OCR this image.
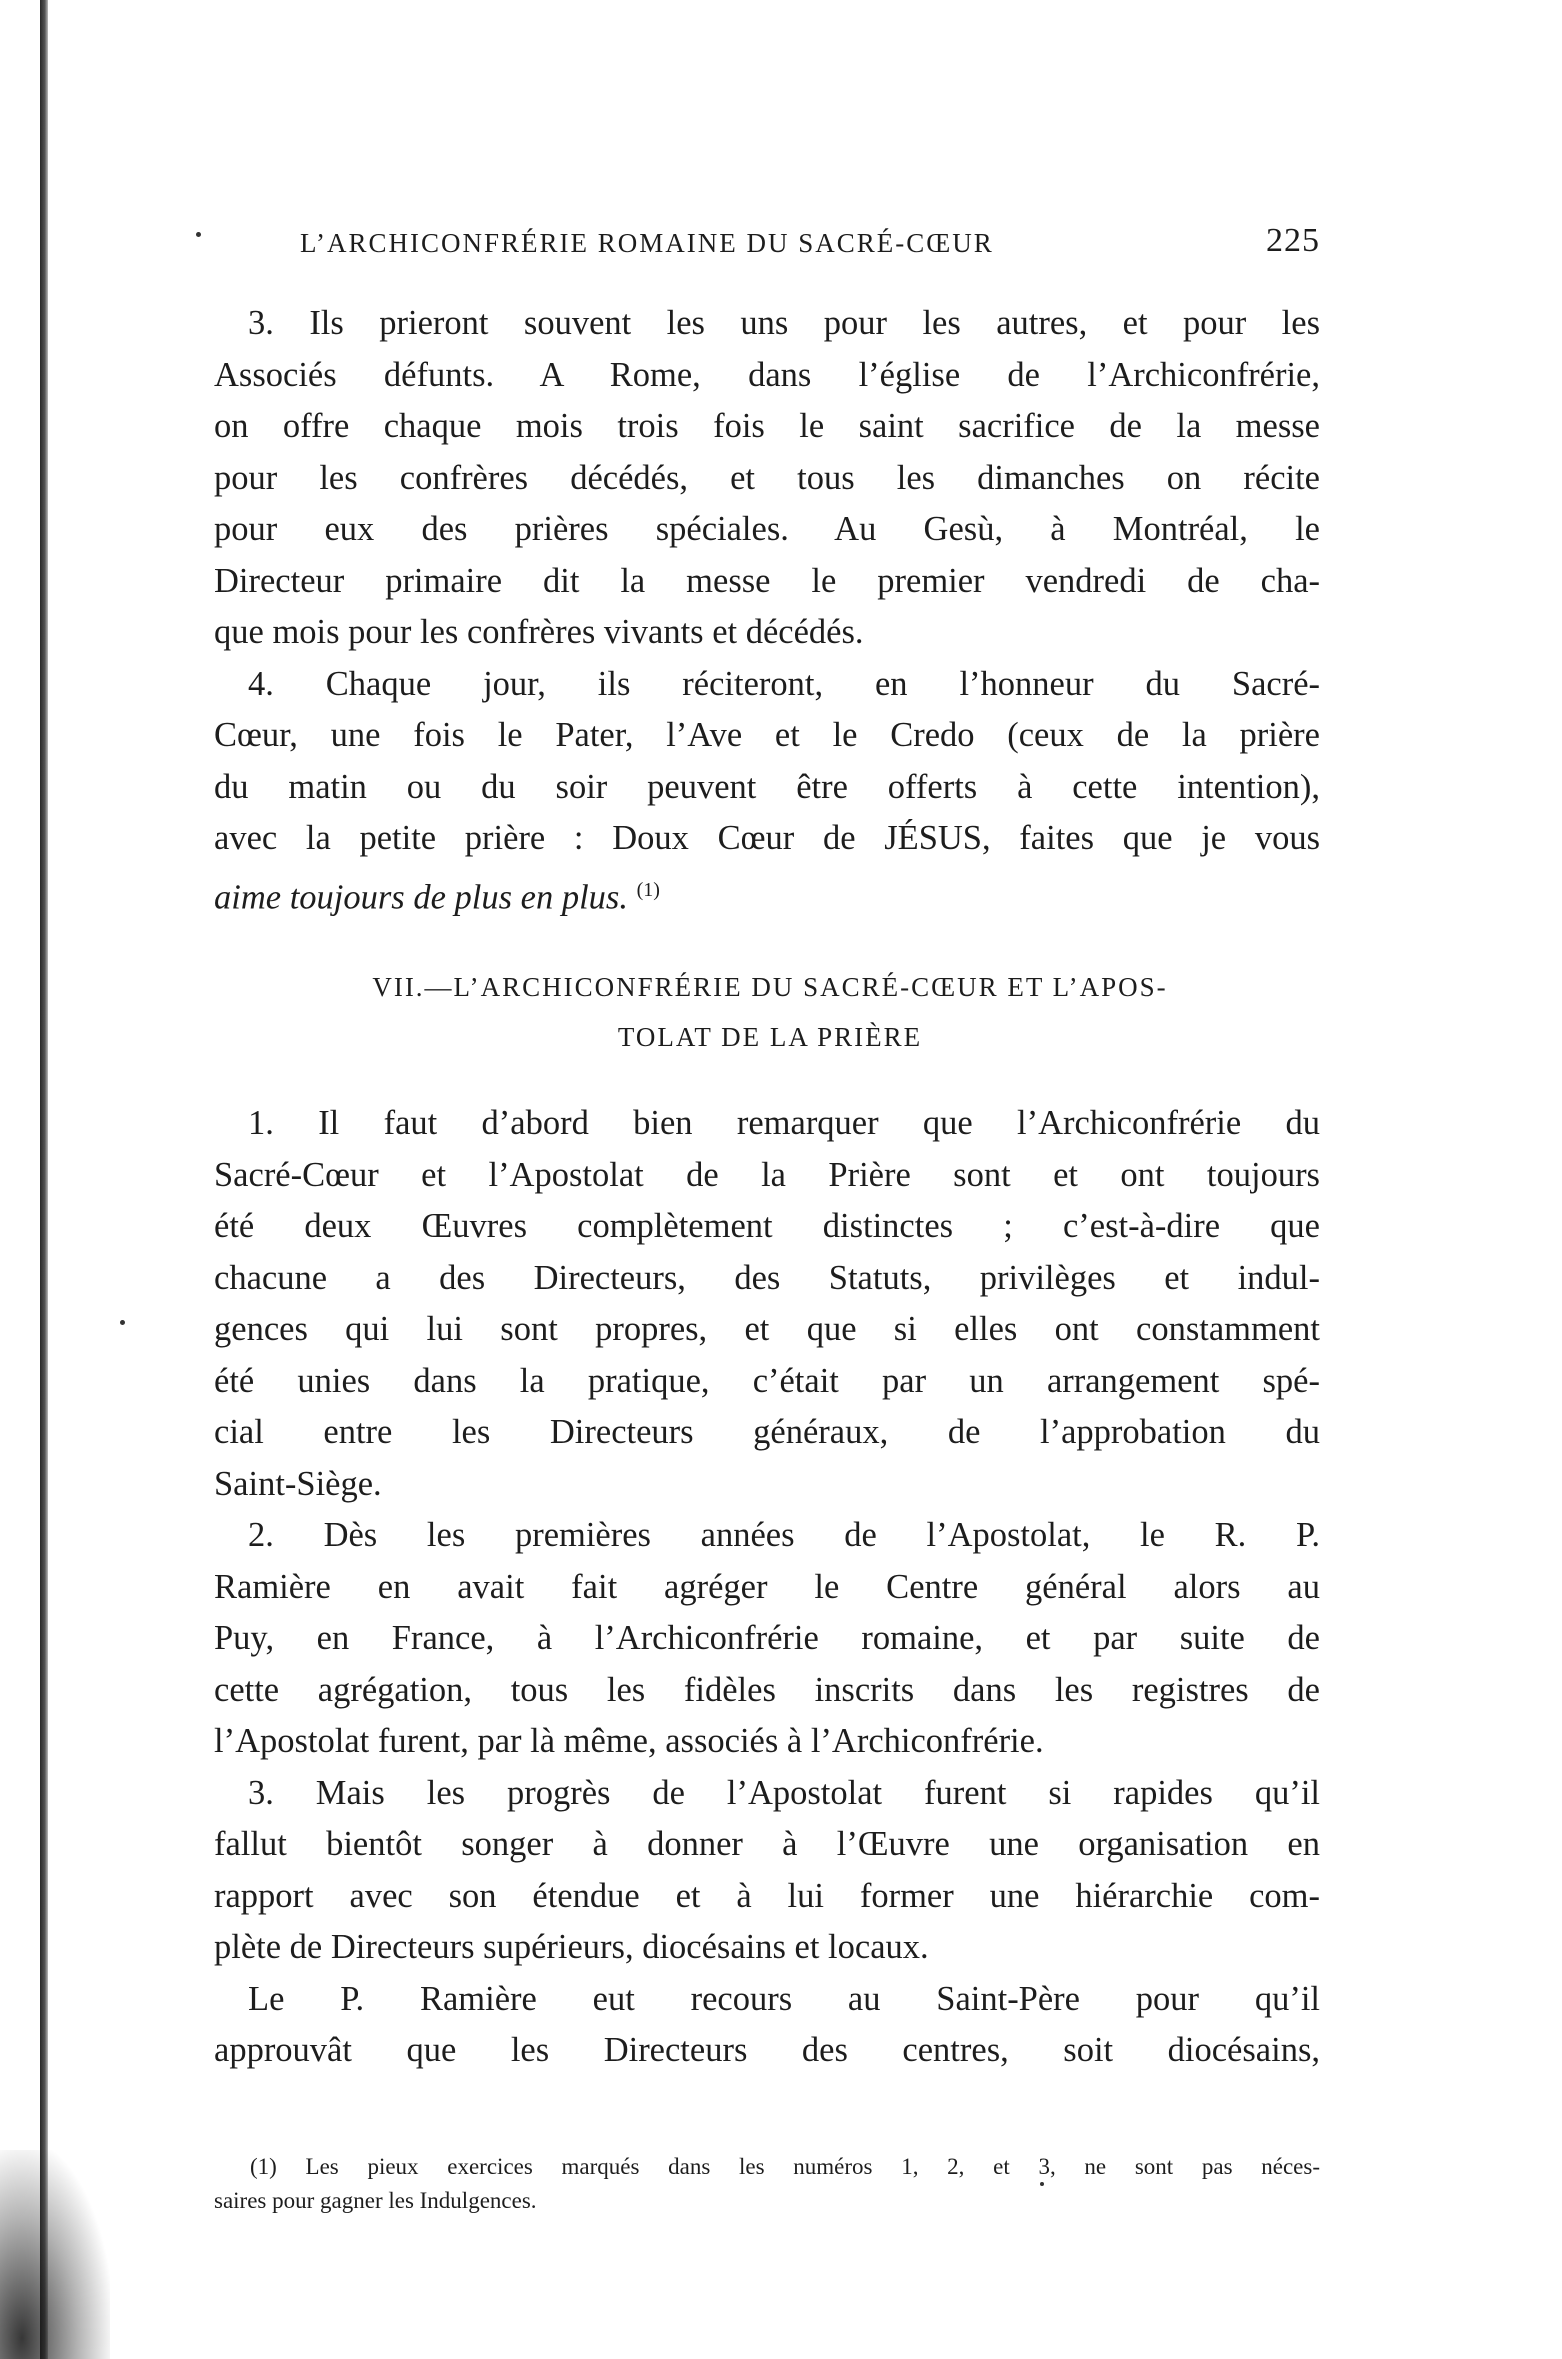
L’ARCHICONFRÉRIE ROMAINE DU SACRÉ-CŒUR	225
3. Ils prieront souvent les uns pour les autres, et pour les
Associés défunts. A Rome, dans l’église de l’Archiconfrérie,
on offre chaque mois trois fois le saint sacrifice de la messe
pour les confrères décédés, et tous les dimanches on récite
pour eux des prières spéciales. Au Gesù, à Montréal, le
Directeur primaire dit la messe le premier vendredi de cha-
que mois pour les confrères vivants et décédés.
4. Chaque jour, ils réciteront, en l’honneur du Sacré-
Cœur, une fois le Pater, l’Ave et le Credo (ceux de la prière
du matin ou du soir peuvent être offerts à cette intention),
avec la petite prière : Doux Cœur de JÉSUS, faites que je vous
aime toujours de plus en plus. $^{(1)}$
VII.—L’ARCHICONFRÉRIE DU SACRÉ-CŒUR ET L’APOS-
TOLAT DE LA PRIÈRE
1. Il faut d’abord bien remarquer que l’Archiconfrérie du
Sacré-Cœur et l’Apostolat de la Prière sont et ont toujours
été deux Œuvres complètement distinctes ; c’est-à-dire que
chacune a des Directeurs, des Statuts, privilèges et indul-
gences qui lui sont propres, et que si elles ont constamment
été unies dans la pratique, c’était par un arrangement spé-
cial entre les Directeurs généraux, de l’approbation du
Saint-Siège.
2. Dès les premières années de l’Apostolat, le R. P.
Ramière en avait fait agréger le Centre général alors au
Puy, en France, à l’Archiconfrérie romaine, et par suite de
cette agrégation, tous les fidèles inscrits dans les registres de
l’Apostolat furent, par là même, associés à l’Archiconfrérie.
3. Mais les progrès de l’Apostolat furent si rapides qu’il
fallut bientôt songer à donner à l’Œuvre une organisation en
rapport avec son étendue et à lui former une hiérarchie com-
plète de Directeurs supérieurs, diocésains et locaux.
Le P. Ramière eut recours au Saint-Père pour qu’il
approuvât que les Directeurs des centres, soit diocésains,
(1) Les pieux exercices marqués dans les numéros 1, 2, et 3, ne sont pas néces-
saires pour gagner les Indulgences.
